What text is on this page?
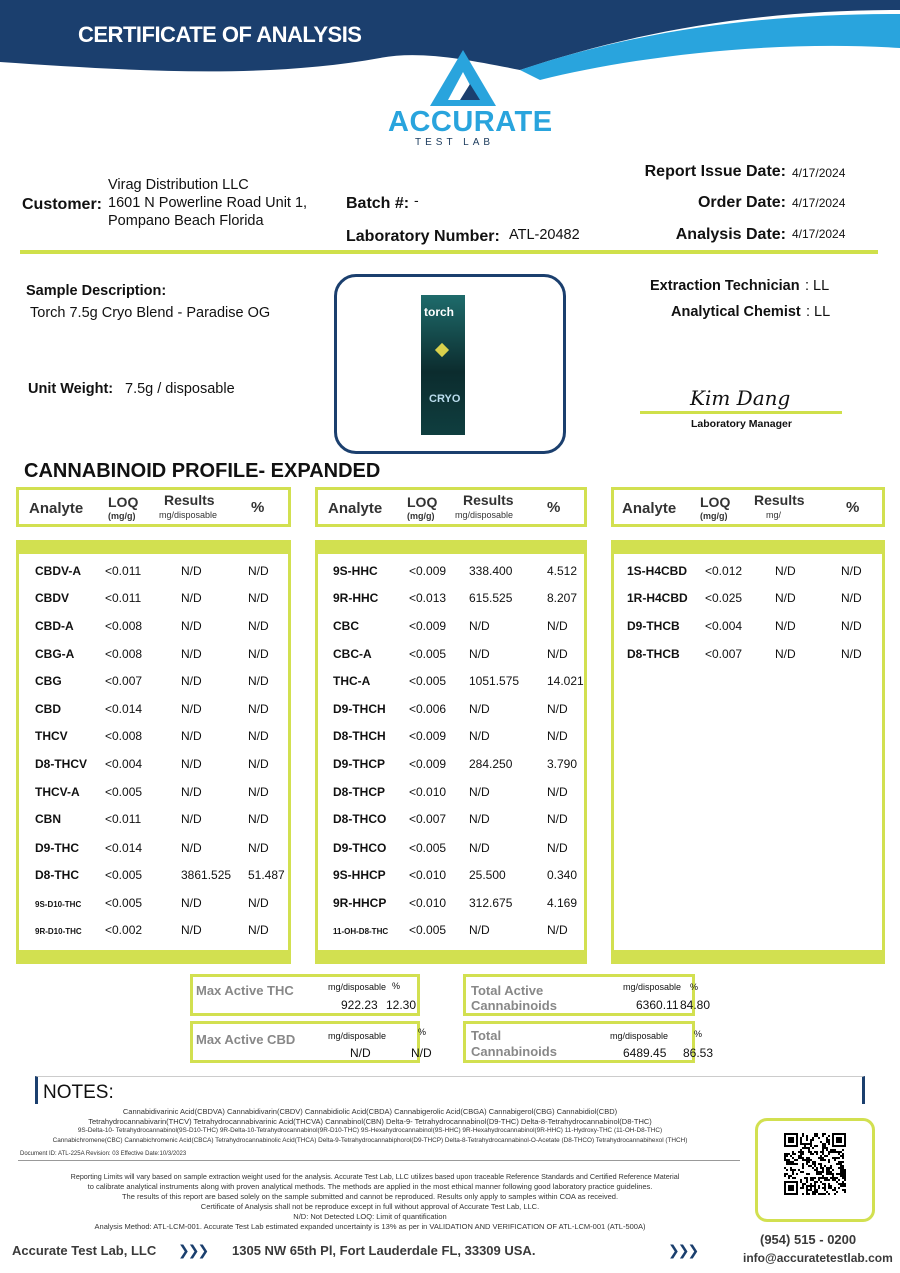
CERTIFICATE OF ANALYSIS
ACCURATE
TEST LAB
Customer:
Virag Distribution LLC
1601 N Powerline Road Unit 1,
Pompano Beach Florida
Batch #: -
Laboratory Number: ATL-20482
Report Issue Date: 4/17/2024
Order Date: 4/17/2024
Analysis Date: 4/17/2024
Sample Description:
Torch 7.5g Cryo Blend - Paradise OG
Unit Weight: 7.5g / disposable
torch
CRYO
Extraction Technician : LL
Analytical Chemist : LL
Kim Dang
Laboratory Manager
CANNABINOID PROFILE- EXPANDED
Analyte LOQ
(mg/g)
Results
mg/disposable %	Analyte LOQ
(mg/g)
Results
mg/disposable %	Analyte LOQ
(mg/g)
Results
mg/	%
CBDV-A <0.011	N/D	N/D
CBDV	<0.011	N/D	N/D
CBD-A	<0.008	N/D	N/D
CBG-A	<0.008	N/D	N/D
CBG	<0.007	N/D	N/D
CBD	<0.014	N/D	N/D
THCV	<0.008	N/D	N/D
D8-THCV <0.004	N/D	N/D
THCV-A <0.005	N/D	N/D
CBN	<0.011	N/D	N/D
D9-THC <0.014	N/D	N/D
D8-THC <0.005	3861.525 51.487
9S-D10-THC <0.005	N/D	N/D
9R-D10-THC <0.002	N/D	N/D
9S-HHC	<0.009 338.400	4.512
9R-HHC	<0.013 615.525	8.207
CBC	<0.009 N/D	N/D
CBC-A	<0.005 N/D	N/D
THC-A	<0.005 1051.575 14.021
D9-THCH <0.006 N/D	N/D
D8-THCH <0.009 N/D	N/D
D9-THCP <0.009 284.250	3.790
D8-THCP <0.010 N/D	N/D
D8-THCO <0.007 N/D	N/D
D9-THCO <0.005 N/D	N/D
9S-HHCP <0.010 25.500	0.340
9R-HHCP <0.010 312.675	4.169
11-OH-D8-THC <0.005 N/D	N/D
1S-H4CBD <0.012	N/D	N/D
1R-H4CBD <0.025	N/D	N/D
D9-THCB <0.004	N/D	N/D
D8-THCB <0.007	N/D	N/D
Max Active THC	mg/disposable %
922.23 12.30
Max Active CBD	mg/disposable	%
N/D	N/D
Total Active
Cannabinoids
mg/disposable %
6360.11 84.80
Total
Cannabinoids
mg/disposable	%
6489.45 86.53
NOTES:
Cannabidivarinic Acid(CBDVA) Cannabidivarin(CBDV) Cannabidiolic Acid(CBDA) Cannabigerolic Acid(CBGA) Cannabigerol(CBG) Cannabidiol(CBD)
Tetrahydrocannabivarin(THCV) Tetrahydrocannabivarinic Acid(THCVA) Cannabinol(CBN) Delta-9- Tetrahydrocannabinol(D9-THC) Delta-8-Tetrahydrocannabinol(D8-THC)
9S-Delta-10- Tetrahydrocannabinol(9S-D10-THC) 9R-Delta-10-Tetrahydrocannabinol(9R-D10-THC) 9S-Hexahydrocannabinol(9S-HHC) 9R-Hexahydrocannabinol(9R-HHC) 11-Hydroxy-THC (11-OH-D8-THC)
Cannabichromene(CBC) Cannabichromenic Acid(CBCA) Tetrahydrocannabinolic Acid(THCA) Delta-9-Tetrahydrocannabiphorol(D9-THCP) Delta-8-Tetrahydrocannabinol-O-Acetate (D8-THCO) Tetrahydrocannabihexol (THCH)
Document ID: ATL-225A Revision: 03 Effective Date:10/3/2023
Reporting Limits will vary based on sample extraction weight used for the analysis. Accurate Test Lab, LLC utilizes based upon traceable Reference Standards and Certified Reference Material
to calibrate analytical instruments along with proven analytical methods. The methods are applied in the most ethical manner following good laboratory practice guidelines.
The results of this report are based solely on the sample submitted and cannot be reproduced. Results only apply to samples within COA as received.
Certificate of Analysis shall not be reproduce except in full without approval of Accurate Test Lab, LLC.
N/D: Not Detected LOQ: Limit of quantification
Analysis Method: ATL-LCM-001. Accurate Test Lab estimated expanded uncertainty is 13% as per in VALIDATION AND VERIFICATION OF ATL-LCM-001 (ATL-500A)
Accurate Test Lab, LLC ❯❯❯ 1305 NW 65th Pl, Fort Lauderdale FL, 33309 USA.	❯❯❯
(954) 515 - 0200
info@accuratetestlab.com
